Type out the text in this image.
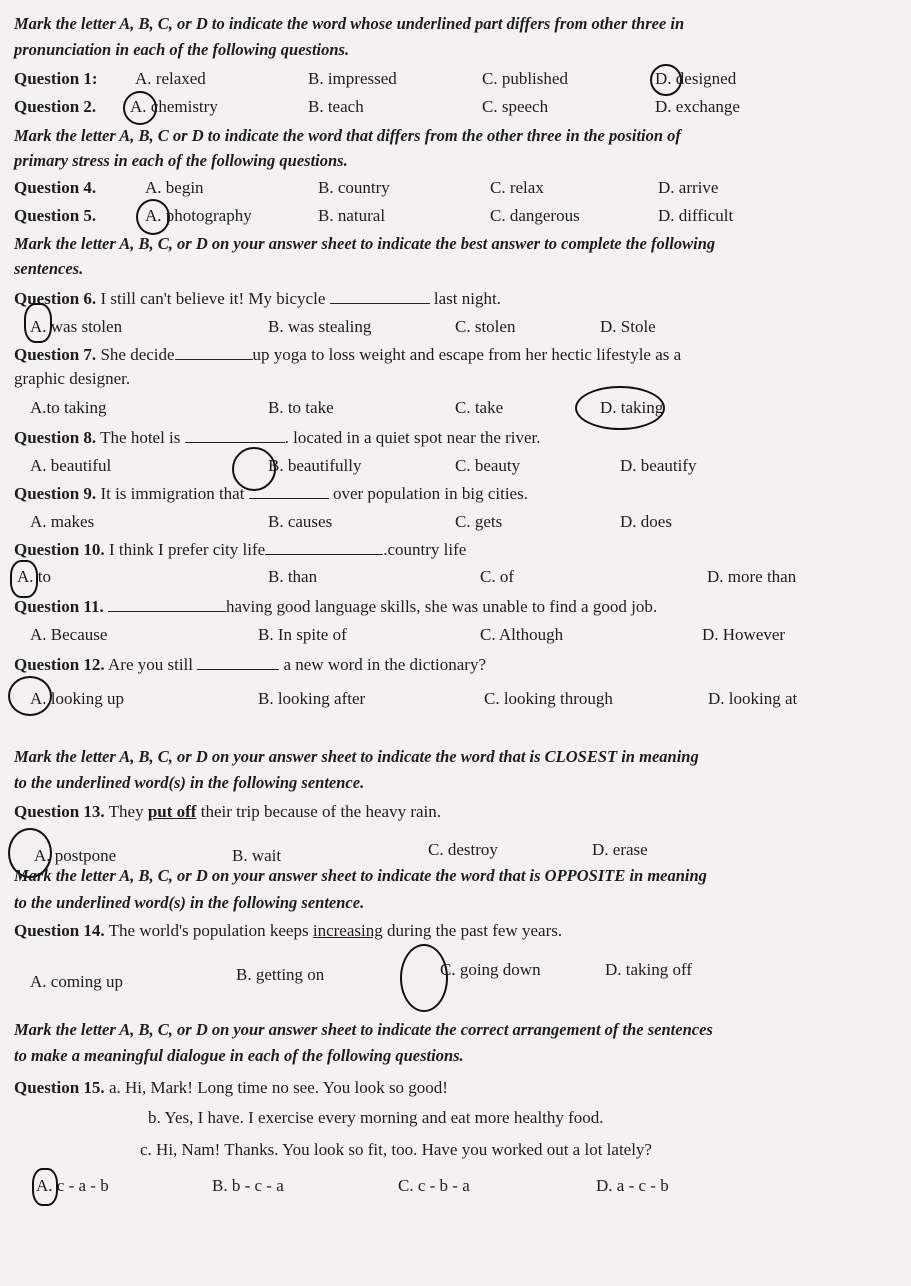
Mark the letter A, B, C, or D to indicate the word whose underlined part differs from other three in
pronunciation in each of the following questions.
Question 1: A. relaxed	B. impressed	C. published	D. designed
Question 2. A. chemistry	B. teach	C. speech	D. exchange
Mark the letter A, B, C or D to indicate the word that differs from the other three in the position of
primary stress in each of the following questions.
Question 4.	A. begin	B. country	C. relax	D. arrive
Question 5.	A. photography	B. natural	C. dangerous	D. difficult
Mark the letter A, B, C, or D on your answer sheet to indicate the best answer to complete the following
sentences.
Question 6. I still can't believe it! My bicycle	last night.
A. was stolen	B. was stealing	C. stolen	D. Stole
Question 7. She decide	up yoga to loss weight and escape from her hectic lifestyle as a
graphic designer.
A.to taking	B. to take	C. take	D. taking
Question 8. The hotel is	. located in a quiet spot near the river.
A. beautiful	B. beautifully	C. beauty	D. beautify
Question 9. It is immigration that	over population in big cities.
A. makes	B. causes	C. gets	D. does
Question 10. I think I prefer city life	.country life
A. to	B. than	C. of	D. more than
Question 11.	having good language skills, she was unable to find a good job.
A. Because	B. In spite of	C. Although	D. However
Question 12. Are you still	a new word in the dictionary?
A. looking up	B. looking after	C. looking through	D. looking at
Mark the letter A, B, C, or D on your answer sheet to indicate the word that is CLOSEST in meaning
to the underlined word(s) in the following sentence.
Question 13. They put off their trip because of the heavy rain.
A. postpone	B. wait	C. destroy	D. erase
Mark the letter A, B, C, or D on your answer sheet to indicate the word that is OPPOSITE in meaning
to the underlined word(s) in the following sentence.
Question 14. The world's population keeps increasing during the past few years.
A. coming up	B. getting on	C. going down	D. taking off
Mark the letter A, B, C, or D on your answer sheet to indicate the correct arrangement of the sentences
to make a meaningful dialogue in each of the following questions.
Question 15. a. Hi, Mark! Long time no see. You look so good!
b. Yes, I have. I exercise every morning and eat more healthy food.
c. Hi, Nam! Thanks. You look so fit, too. Have you worked out a lot lately?
A. c - a - b	B. b - c - a	C. c - b - a	D. a - c - b
